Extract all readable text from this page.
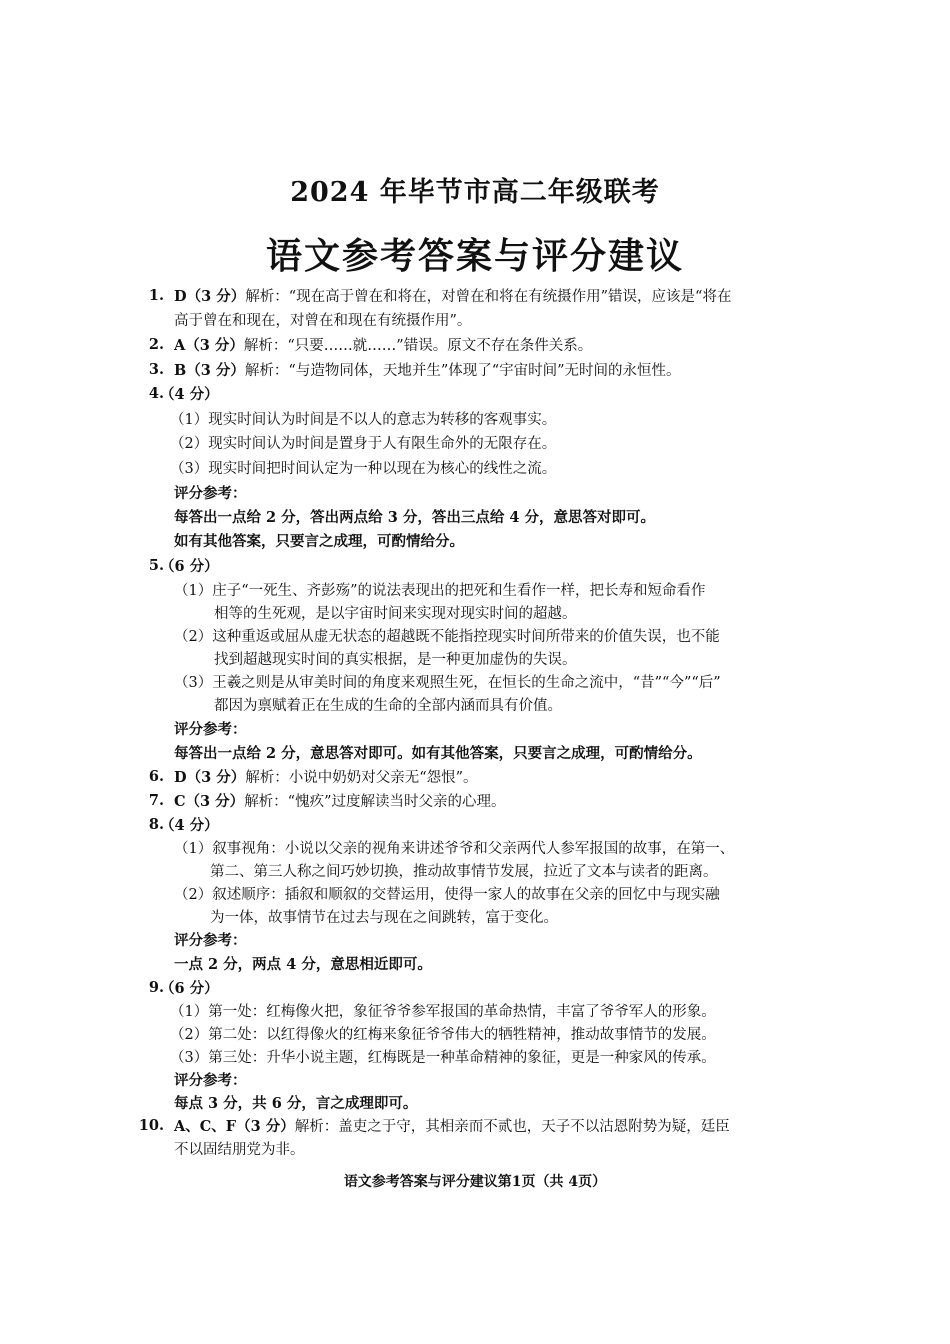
2024 年毕节市高二年级联考
语文参考答案与评分建议
1. D（3 分）解析：“现在高于曾在和将在，对曾在和将在有统摄作用”错误，应该是“将在
高于曾在和现在，对曾在和现在有统摄作用”。
2. A（3 分）解析：“只要……就……”错误。原文不存在条件关系。
3. B（3 分）解析：“与造物同体，天地并生”体现了“宇宙时间”无时间的永恒性。
4.
（4 分）
（1）现实时间认为时间是不以人的意志为转移的客观事实。
（2）现实时间认为时间是置身于人有限生命外的无限存在。
（3）现实时间把时间认定为一种以现在为核心的线性之流。
评分参考：
每答出一点给 2 分，答出两点给 3 分，答出三点给 4 分，意思答对即可。
如有其他答案，只要言之成理，可酌情给分。
5.
（6 分）
（1）庄子“一死生、齐彭殇”的说法表现出的把死和生看作一样，把长寿和短命看作
相等的生死观，是以宇宙时间来实现对现实时间的超越。
（2）这种重返或屈从虚无状态的超越既不能指控现实时间所带来的价值失误，也不能
找到超越现实时间的真实根据，是一种更加虚伪的失误。
（3）王羲之则是从审美时间的角度来观照生死，在恒长的生命之流中，“昔”“今”“后”
都因为禀赋着正在生成的生命的全部内涵而具有价值。
评分参考：
每答出一点给 2 分，意思答对即可。如有其他答案，只要言之成理，可酌情给分。
6. D（3 分）解析：小说中奶奶对父亲无“怨恨”。
7. C（3 分）解析：“愧疚”过度解读当时父亲的心理。
8.
（4 分）
（1）叙事视角：小说以父亲的视角来讲述爷爷和父亲两代人参军报国的故事，在第一、
第二、第三人称之间巧妙切换，推动故事情节发展，拉近了文本与读者的距离。
（2）叙述顺序：插叙和顺叙的交替运用，使得一家人的故事在父亲的回忆中与现实融
为一体，故事情节在过去与现在之间跳转，富于变化。
评分参考：
一点 2 分，两点 4 分，意思相近即可。
9.
（6 分）
（1）第一处：红梅像火把，象征爷爷参军报国的革命热情，丰富了爷爷军人的形象。
（2）第二处：以红得像火的红梅来象征爷爷伟大的牺牲精神，推动故事情节的发展。
（3）第三处：升华小说主题，红梅既是一种革命精神的象征，更是一种家风的传承。
评分参考：
每点 3 分，共 6 分，言之成理即可。
10. A、C、F（3 分）解析：盖吏之于守，其相亲而不贰也，天子不以沽恩附势为疑，廷臣
不以固结朋党为非。
语文参考答案与评分建议第1页（共 4页）
